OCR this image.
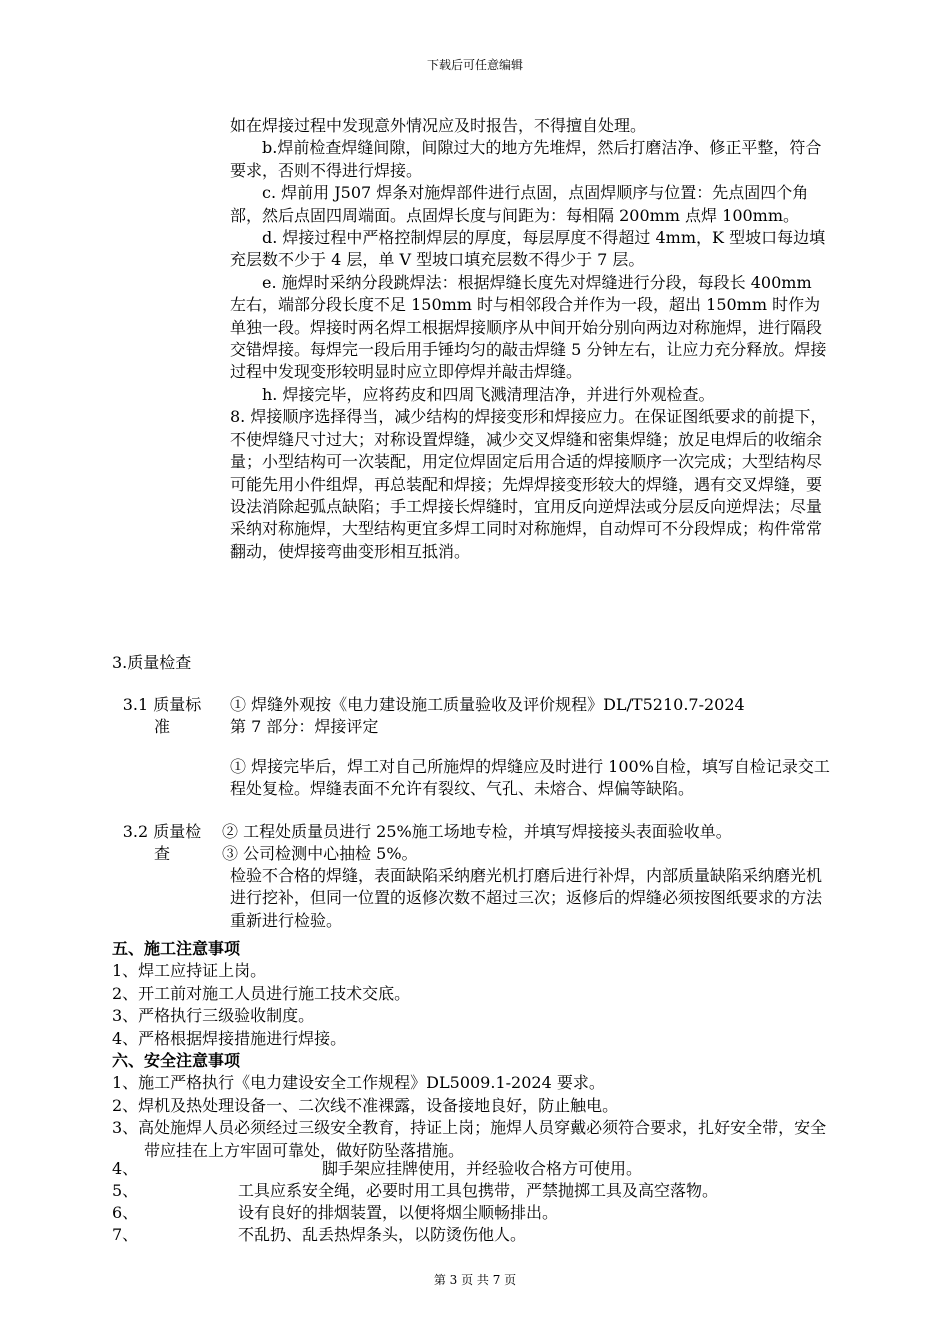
下载后可任意编辑

如在焊接过程中发现意外情况应及时报告，不得擅自处理。

b.焊前检查焊缝间隙，间隙过大的地方先堆焊，然后打磨洁净、修正平整，符合要求，否则不得进行焊接。

c. 焊前用 J507 焊条对施焊部件进行点固，点固焊顺序与位置：先点固四个角部，然后点固四周端面。点固焊长度与间距为：每相隔 200mm 点焊 100mm。

d. 焊接过程中严格控制焊层的厚度，每层厚度不得超过 4mm，K 型坡口每边填充层数不少于 4 层，单 V 型坡口填充层数不得少于 7 层。

e. 施焊时采纳分段跳焊法：根据焊缝长度先对焊缝进行分段，每段长 400mm 左右，端部分段长度不足 150mm 时与相邻段合并作为一段，超出 150mm 时作为单独一段。焊接时两名焊工根据焊接顺序从中间开始分别向两边对称施焊，进行隔段交错焊接。每焊完一段后用手锤均匀的敲击焊缝 5 分钟左右，让应力充分释放。焊接过程中发现变形较明显时应立即停焊并敲击焊缝。

h. 焊接完毕，应将药皮和四周飞溅清理洁净，并进行外观检查。

8. 焊接顺序选择得当，减少结构的焊接变形和焊接应力。在保证图纸要求的前提下，不使焊缝尺寸过大；对称设置焊缝，减少交叉焊缝和密集焊缝；放足电焊后的收缩余量；小型结构可一次装配，用定位焊固定后用合适的焊接顺序一次完成；大型结构尽可能先用小件组焊，再总装配和焊接；先焊焊接变形较大的焊缝，遇有交叉焊缝，要设法消除起弧点缺陷；手工焊接长焊缝时，宜用反向逆焊法或分层反向逆焊法；尽量采纳对称施焊，大型结构更宜多焊工同时对称施焊，自动焊可不分段焊成；构件常常翻动，使焊接弯曲变形相互抵消。

3.质量检查
3.1 质量标
准
① 焊缝外观按《电力建设施工质量验收及评价规程》DL/T5210.7-2024
第 7 部分：焊接评定
① 焊接完毕后，焊工对自己所施焊的焊缝应及时进行 100%自检，填写自检记录交工程处复检。焊缝表面不允许有裂纹、气孔、未熔合、焊偏等缺陷。
3.2 质量检
查
② 工程处质量员进行 25%施工场地专检，并填写焊接接头表面验收单。
③ 公司检测中心抽检 5%。
检验不合格的焊缝，表面缺陷采纳磨光机打磨后进行补焊，内部质量缺陷采纳磨光机进行挖补，但同一位置的返修次数不超过三次；返修后的焊缝必须按图纸要求的方法重新进行检验。

五、施工注意事项

1、焊工应持证上岗。

2、开工前对施工人员进行施工技术交底。

3、严格执行三级验收制度。

4、严格根据焊接措施进行焊接。

六、安全注意事项

1、施工严格执行《电力建设安全工作规程》DL5009.1-2024 要求。

2、焊机及热处理设备一、二次线不准裸露，设备接地良好，防止触电。

3、高处施焊人员必须经过三级安全教育，持证上岗；施焊人员穿戴必须符合要求，扎好安全带，安全带应挂在上方牢固可靠处，做好防坠落措施。

4、	脚手架应挂牌使用，并经验收合格方可使用。
5、	工具应系安全绳，必要时用工具包携带，严禁抛掷工具及高空落物。
6、	设有良好的排烟装置，以便将烟尘顺畅排出。
7、	不乱扔、乱丢热焊条头，以防烫伤他人。
第 3 页 共 7 页
